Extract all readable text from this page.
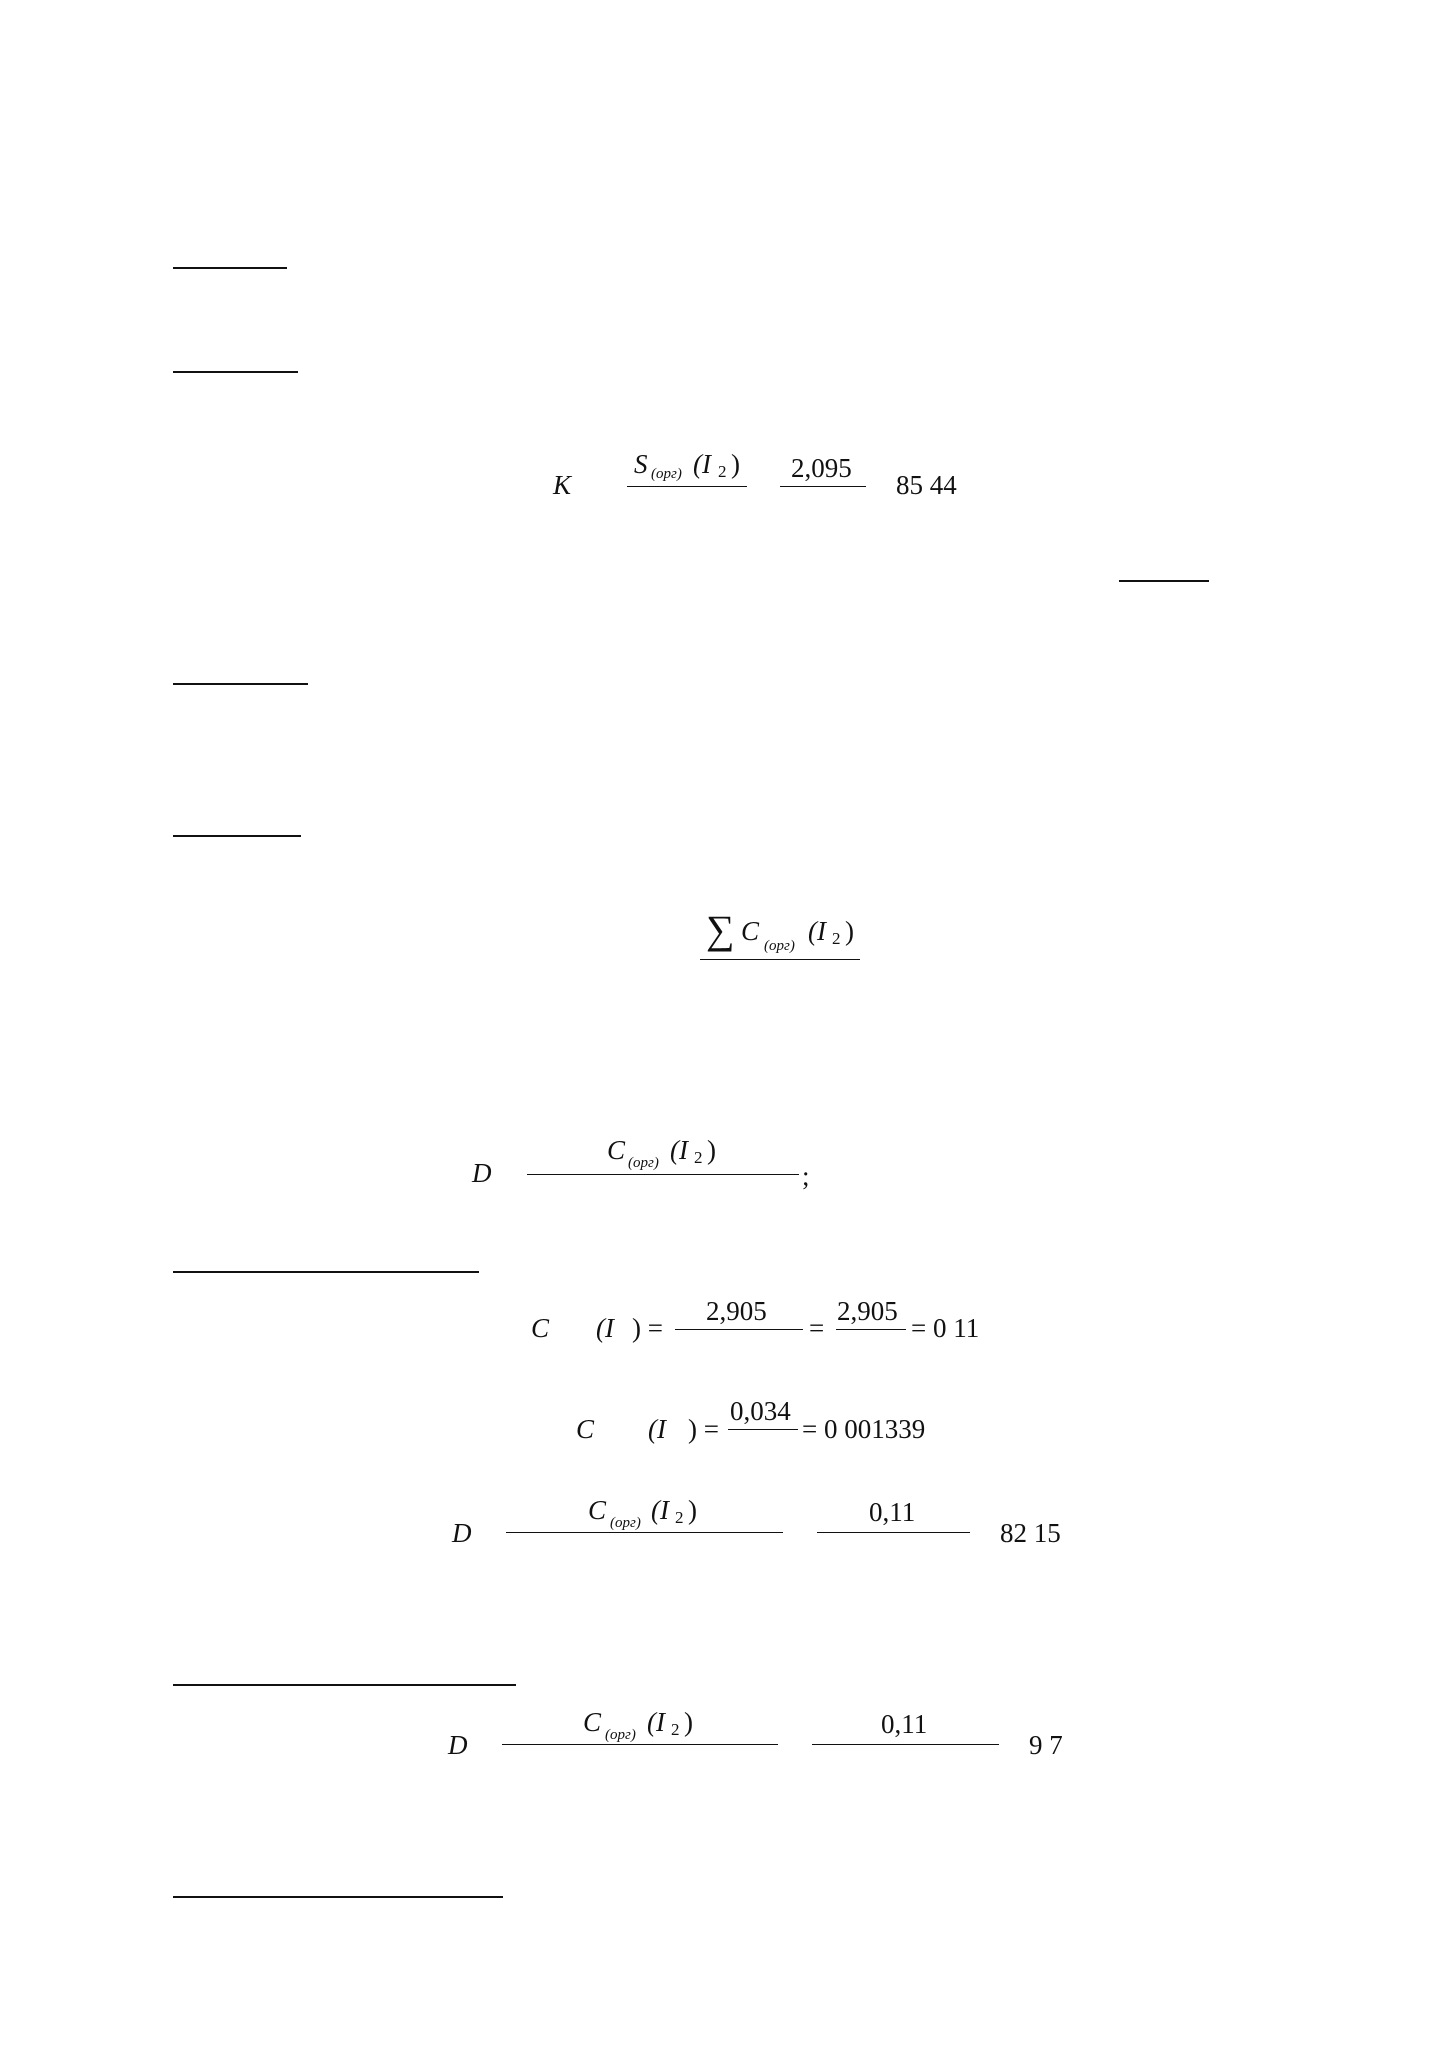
K
S (орг) (I 2 ) 2,095
85 44
∑ C (орг) (I 2 )
D
C (орг) (I 2 )
;
C (I ) =
2,905
=
2,905
= 0 11
C (I ) =
0,034
= 0 001339
D
C (орг) (I 2 )	0,11
82 15
D
C (орг) (I 2 )	0,11
9 7
